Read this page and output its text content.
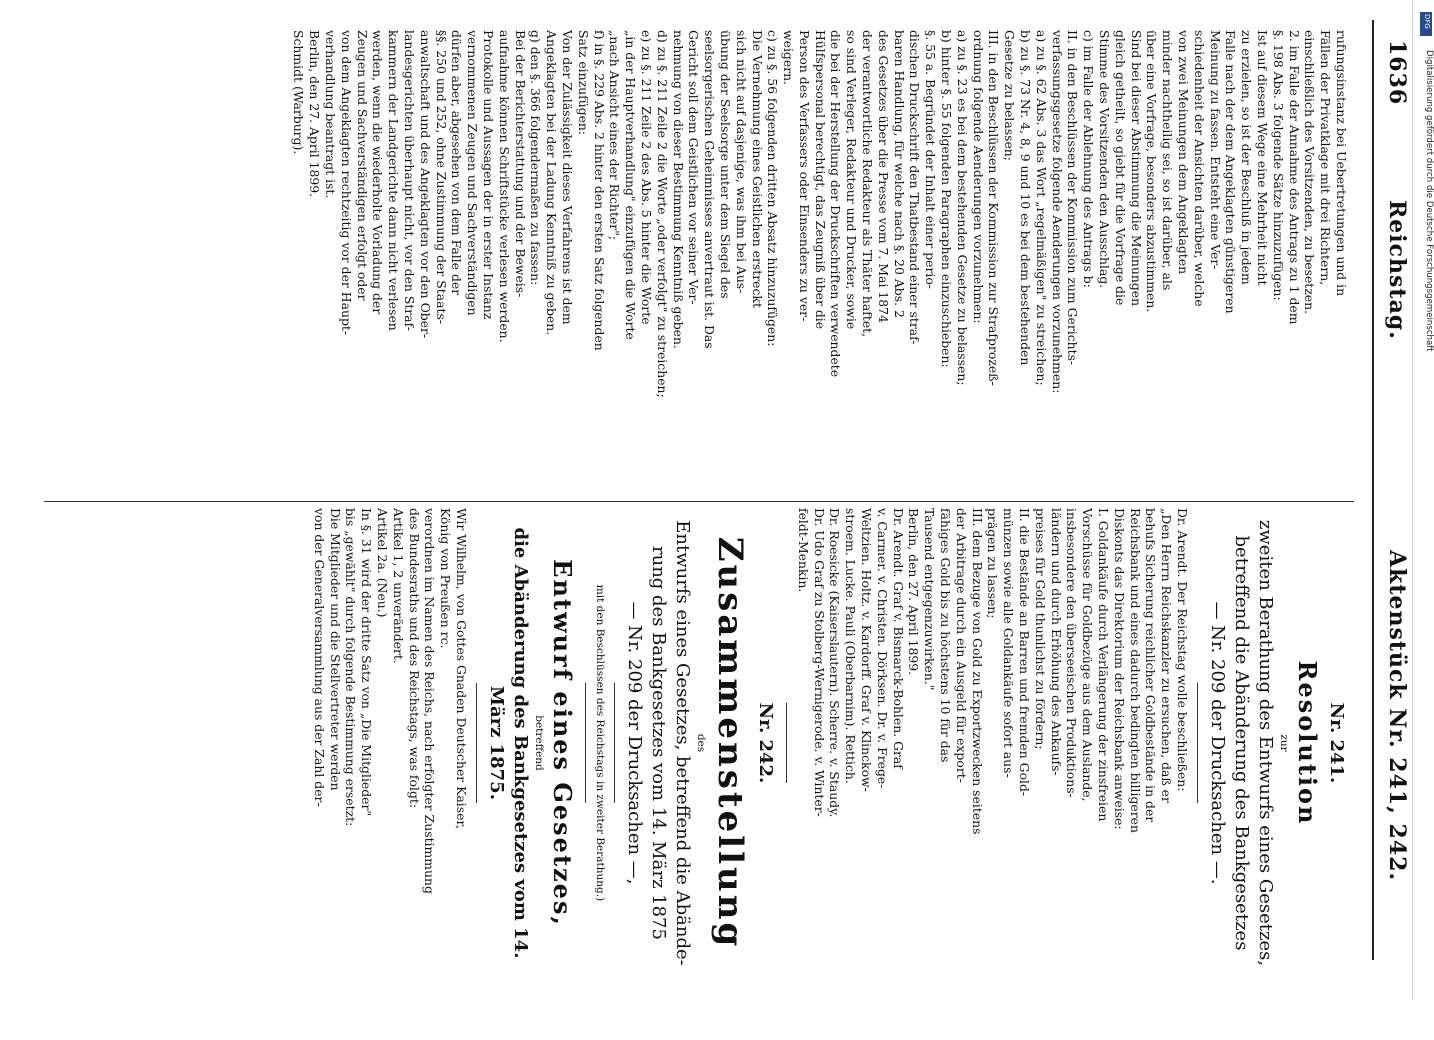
1636
Reichstag.
Aktenstück Nr. 241, 242.
rufungsinstanz bei Uebertretungen und in
Fällen der Privatklage mit drei Richtern,
einschließlich des Vorsitzenden, zu besetzen.
2. im Falle der Annahme des Antrags zu 1 dem
§. 198 Abs. 3 folgende Sätze hinzuzufügen:
Ist auf diesem Wege eine Mehrheit nicht
zu erzielen, so ist der Beschluß in jedem
Falle nach der dem Angeklagten günstigeren
Meinung zu fassen. Entsteht eine Ver-
schiedenheit der Ansichten darüber, welche
von zwei Meinungen dem Angeklagten
minder nachtheilig sei, so ist darüber, als
über eine Vorfrage, besonders abzustimmen.
Sind bei dieser Abstimmung die Meinungen
gleich getheilt, so giebt für die Vorfrage die
Stimme des Vorsitzenden den Ausschlag.
c) im Falle der Ablehnung des Antrags b:
II. in den Beschlüssen der Kommission zum Gerichts-
verfassungsgesetze folgende Aenderungen vorzunehmen:
a) zu §. 62 Abs. 3 das Wort „regelmäßigen" zu streichen;
b) zu §. 73 Nr. 4, 8, 9 und 10 es bei dem bestehenden
Gesetze zu belassen;
III. in den Beschlüssen der Kommission zur Strafprozeß-
ordnung folgende Aenderungen vorzunehmen:
a) zu §. 23 es bei dem bestehenden Gesetze zu belassen;
b) hinter §. 55 folgenden Paragraphen einzuschieben:
§. 55 a. Begründet der Inhalt einer perio-
dischen Druckschrift den Thatbestand einer straf-
baren Handlung, für welche nach §. 20 Abs. 2
des Gesetzes über die Presse vom 7. Mai 1874
der verantwortliche Redakteur als Thäter haftet,
so sind Verleger, Redakteur und Drucker, sowie
die bei der Herstellung der Druckschriften verwendete
Hülfspersonal berechtigt, das Zeugniß über die
Person des Verfassers oder Einsenders zu ver-
weigern.
c) zu §. 56 folgenden dritten Absatz hinzuzufügen:
Die Vernehmung eines Geistlichen erstreckt
sich nicht auf dasjenige, was ihm bei Aus-
übung der Seelsorge unter dem Siegel des
seelsorgerischen Geheimnisses anvertraut ist. Das
Gericht soll dem Geistlichen vor seiner Ver-
nehmung von dieser Bestimmung Kenntniß geben.
d) zu §. 211 Zeile 2 die Worte „oder verfolgt" zu streichen;
e) zu §. 211 Zeile 2 des Abs. 5 hinter die Worte
„in der Hauptverhandlung" einzufügen die Worte
„nach Ansicht eines der Richter";
f) in §. 229 Abs. 2 hinter den ersten Satz folgenden
Satz einzufügen:
Von der Zulässigkeit dieses Verfahrens ist dem
Angeklagten bei der Ladung Kenntniß zu geben.
g) den §. 366 folgendermaßen zu fassen:
Bei der Berichterstattung und der Beweis-
aufnahme können Schriftstücke verlesen werden.
Protokolle und Aussagen der in erster Instanz
vernommenen Zeugen und Sachverständigen
dürfen aber, abgesehen von dem Falle der
§§. 250 und 252, ohne Zustimmung der Staats-
anwaltschaft und des Angeklagten vor den Ober-
landesgerichten überhaupt nicht, vor den Straf-
kammern der Landgerichte dann nicht verlesen
werden, wenn die wiederholte Vorladung der
Zeugen und Sachverständigen erfolgt oder
von dem Angeklagten rechtzeitig vor der Haupt-
verhandlung beantragt ist.
Berlin, den 27. April 1899.
Schmidt (Warburg).
Nr. 241.
Resolution
zur
zweiten Berathung des Entwurfs eines Gesetzes,
betreffend die Abänderung des Bankgesetzes
— Nr. 209 der Drucksachen —.
Dr. Arendt. Der Reichstag wolle beschließen:
„Den Herrn Reichskanzler zu ersuchen, daß er
behufs Sicherung reichlicher Goldbestände in der
Reichsbank und eines dadurch bedingten billigeren
Diskonts das Direktorium der Reichsbank anweise:
I. Goldankäufe durch Verlängerung der zinsfreien
Vorschüsse für Goldbezüge aus dem Auslande,
insbesondere den überseeischen Produktions-
ländern und durch Erhöhung des Ankaufs-
preises für Gold thunlichst zu fördern;
II. die Bestände an Barren und fremden Gold-
münzen sowie alle Goldankäufe sofort aus-
prägen zu lassen;
III. dem Bezuge von Gold zu Exportzwecken seitens
der Arbitrage durch ein Ausgeld für export-
fähiges Gold bis zu höchstens 10 für das
Tausend entgegenzuwirken."
Berlin, den 27. April 1899.
Dr. Arendt. Graf v. Bismarck-Bohlen. Graf
v. Carmer. v. Christen. Dörksen. Dr. v. Frege-
Weltzien. Holtz. v. Kardorff. Graf v. Klinckow-
stroem. Lucke. Pauli (Oberbarnim). Rettich.
Dr. Roesicke (Kaiserslautern). Scherre. v. Staudy.
Dr. Udo Graf zu Stolberg-Wernigerode. v. Winter-
feldt-Menkin.
Nr. 242.
Zusammenstellung
des
Entwurfs eines Gesetzes, betreffend die Abände-
rung des Bankgesetzes vom 14. März 1875
— Nr. 209 der Drucksachen —,
mit den Beschlüssen des Reichstags in zweiter Berathung.)
Entwurf eines Gesetzes,
betreffend
die Abänderung des Bankgesetzes vom 14. März 1875.
Wir Wilhelm, von Gottes Gnaden Deutscher Kaiser,
König von Preußen rc.
verordnen im Namen des Reichs, nach erfolgter Zustimmung
des Bundesraths und des Reichstags, was folgt:
Artikel 1, 2 unverändert.
Artikel 2a. (Neu.)
In §. 31 wird der dritte Satz von „Die Mitglieder"
bis „gewählt" durch folgende Bestimmung ersetzt:
Die Mitglieder und die Stellvertreter werden
von der Generalversammlung aus der Zahl der-
DFG
Digitalisierung gefördert durch die Deutsche Forschungsgemeinschaft
